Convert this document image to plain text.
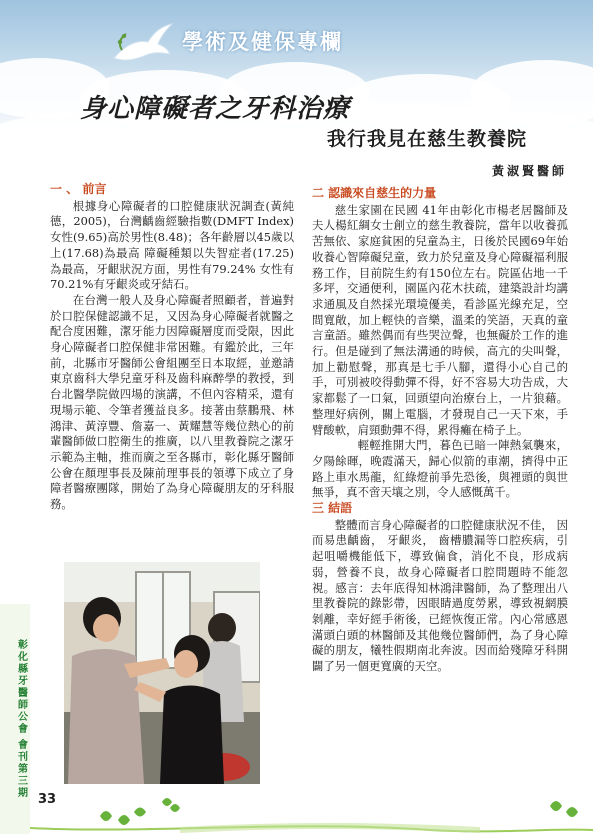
學術及健保專欄
身心障礙者之牙科治療
我行我見在慈生教養院
黃淑賢醫師

一 、 前言

根據身心障礙者的口腔健康狀況調查(黃純德，2005)，台灣齲齒經驗指數(DMFT Index) 女性(9.65)高於男性(8.48)；各年齡層以45歲以上(17.68)為最高 障礙種類以失智症者(17.25)為最高，牙齦狀況方面，男性有79.24% 女性有70.21%有牙齦炎或牙結石。

在台灣一般人及身心障礙者照顧者，普遍對於口腔保健認識不足，又因為身心障礙者就醫之配合度困難，潔牙能力因障礙層度而受限，因此身心障礙者口腔保健非常困難。有鑑於此，三年前，北縣市牙醫師公會組團至日本取經，並邀請東京齒科大學兒童牙科及齒科麻醉學的教授，到台北醫學院做四場的演講，不但內容精采，還有現場示範、令筆者獲益良多。接著由蔡鵬飛、林鴻津、黃淳豐、詹嘉一、黃耀慧等幾位熱心的前輩醫師做口腔衛生的推廣，以八里教養院之潔牙示範為主軸，推而廣之至各縣市，彰化縣牙醫師公會在顏理事長及陳前理事長的領導下成立了身障者醫療團隊，開始了為身心障礙朋友的牙科服務。

二 認識來自慈生的力量

慈生家園在民國 41年由彰化市楊老居醫師及夫人楊紅綢女士創立的慈生教養院，當年以收養孤苦無依、家庭貧困的兒童為主，日後於民國69年始收養心智障礙兒童，致力於兒童及身心障礙福利服務工作，目前院生約有150位左右。院區佔地一千多坪，交通便利，園區內花木扶疏，建築設計均講求通風及自然採光環境優美，看診區光線充足，空間寬敞，加上輕快的音樂，溫柔的笑語，天真的童言童語。雖然偶而有些哭泣聲，也無礙於工作的進行。但是碰到了無法溝通的時候，高亢的尖叫聲，加上勸慰聲，那真是七手八腳，還得小心自己的手，可別被咬得動彈不得，好不容易大功告成，大家都鬆了一口氣，回頭望向治療台上，一片狼藉。整理好病例，關上電腦，才發現自己一天下來，手臂酸軟，肩頸動彈不得，累得癱在椅子上。

輕輕推開大門，暮色已暗一陣熱氣襲來，夕陽餘暉，晚霞滿天，歸心似箭的車潮，擠得中正路上車水馬龍，紅綠燈前爭先恐後，與裡頭的與世無爭，真不啻天壤之別，令人感慨萬千。

三 結語

整體而言身心障礙者的口腔健康狀況不佳， 因而易患齲齒， 牙齦炎， 齒槽膿漏等口腔疾病，引起咀嚼機能低下，導致偏食，消化不良，形成病弱，營養不良，故身心障礙者口腔問題時不能忽視。感言：去年底得知林鴻津醫師，為了整理出八里教養院的錄影帶，因眼睛過度勞累，導致視網膜剝離，幸好經手術後，已經恢復正常。內心常感恩滿頭白頭的林醫師及其他幾位醫師們，為了身心障礙的朋友，犧牲假期南北奔波。因而給殘障牙科開闢了另一個更寬廣的天空。

彰化縣牙醫師公會
會刊第三期 33
